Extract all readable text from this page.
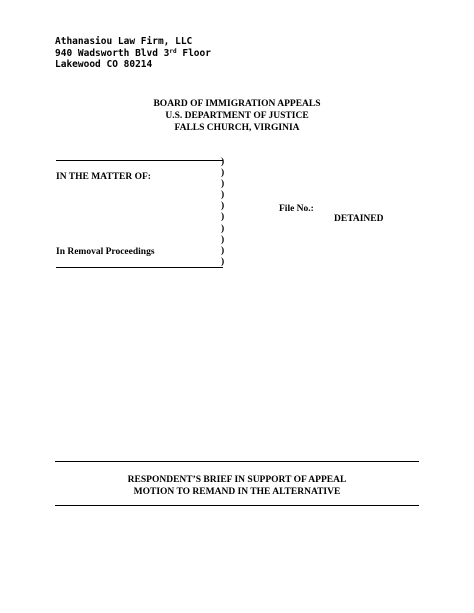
Athanasiou Law Firm, LLC
940 Wadsworth Blvd 3rd Floor
Lakewood CO 80214
BOARD OF IMMIGRATION APPEALS
U.S. DEPARTMENT OF JUSTICE
FALLS CHURCH, VIRGINIA
IN THE MATTER OF:
In Removal Proceedings
)
)
)
)
)
)
)
)
)
)
File No.:
DETAINED
RESPONDENT’S BRIEF IN SUPPORT OF APPEAL
MOTION TO REMAND IN THE ALTERNATIVE
